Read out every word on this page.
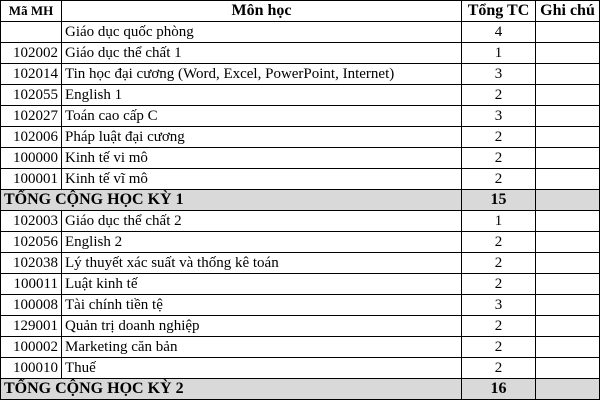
Mã MH	Môn học	Tổng TC	Ghi chú
	Giáo dục quốc phòng	4	
102002	Giáo dục thể chất 1	1	
102014	Tin học đại cương (Word, Excel, PowerPoint, Internet)	3	
102055	English 1	2	
102027	Toán cao cấp C	3	
102006	Pháp luật đại cương	2	
100000	Kinh tế vi mô	2	
100001	Kinh tế vĩ mô	2	
TỔNG CỘNG HỌC KỲ 1		15	
102003	Giáo dục thể chất 2	1	
102056	English 2	2	
102038	Lý thuyết xác suất và thống kê toán	2	
100011	Luật kinh tế	2	
100008	Tài chính tiền tệ	3	
129001	Quản trị doanh nghiệp	2	
100002	Marketing căn bản	2	
100010	Thuế	2	
TỔNG CỘNG HỌC KỲ 2		16	
